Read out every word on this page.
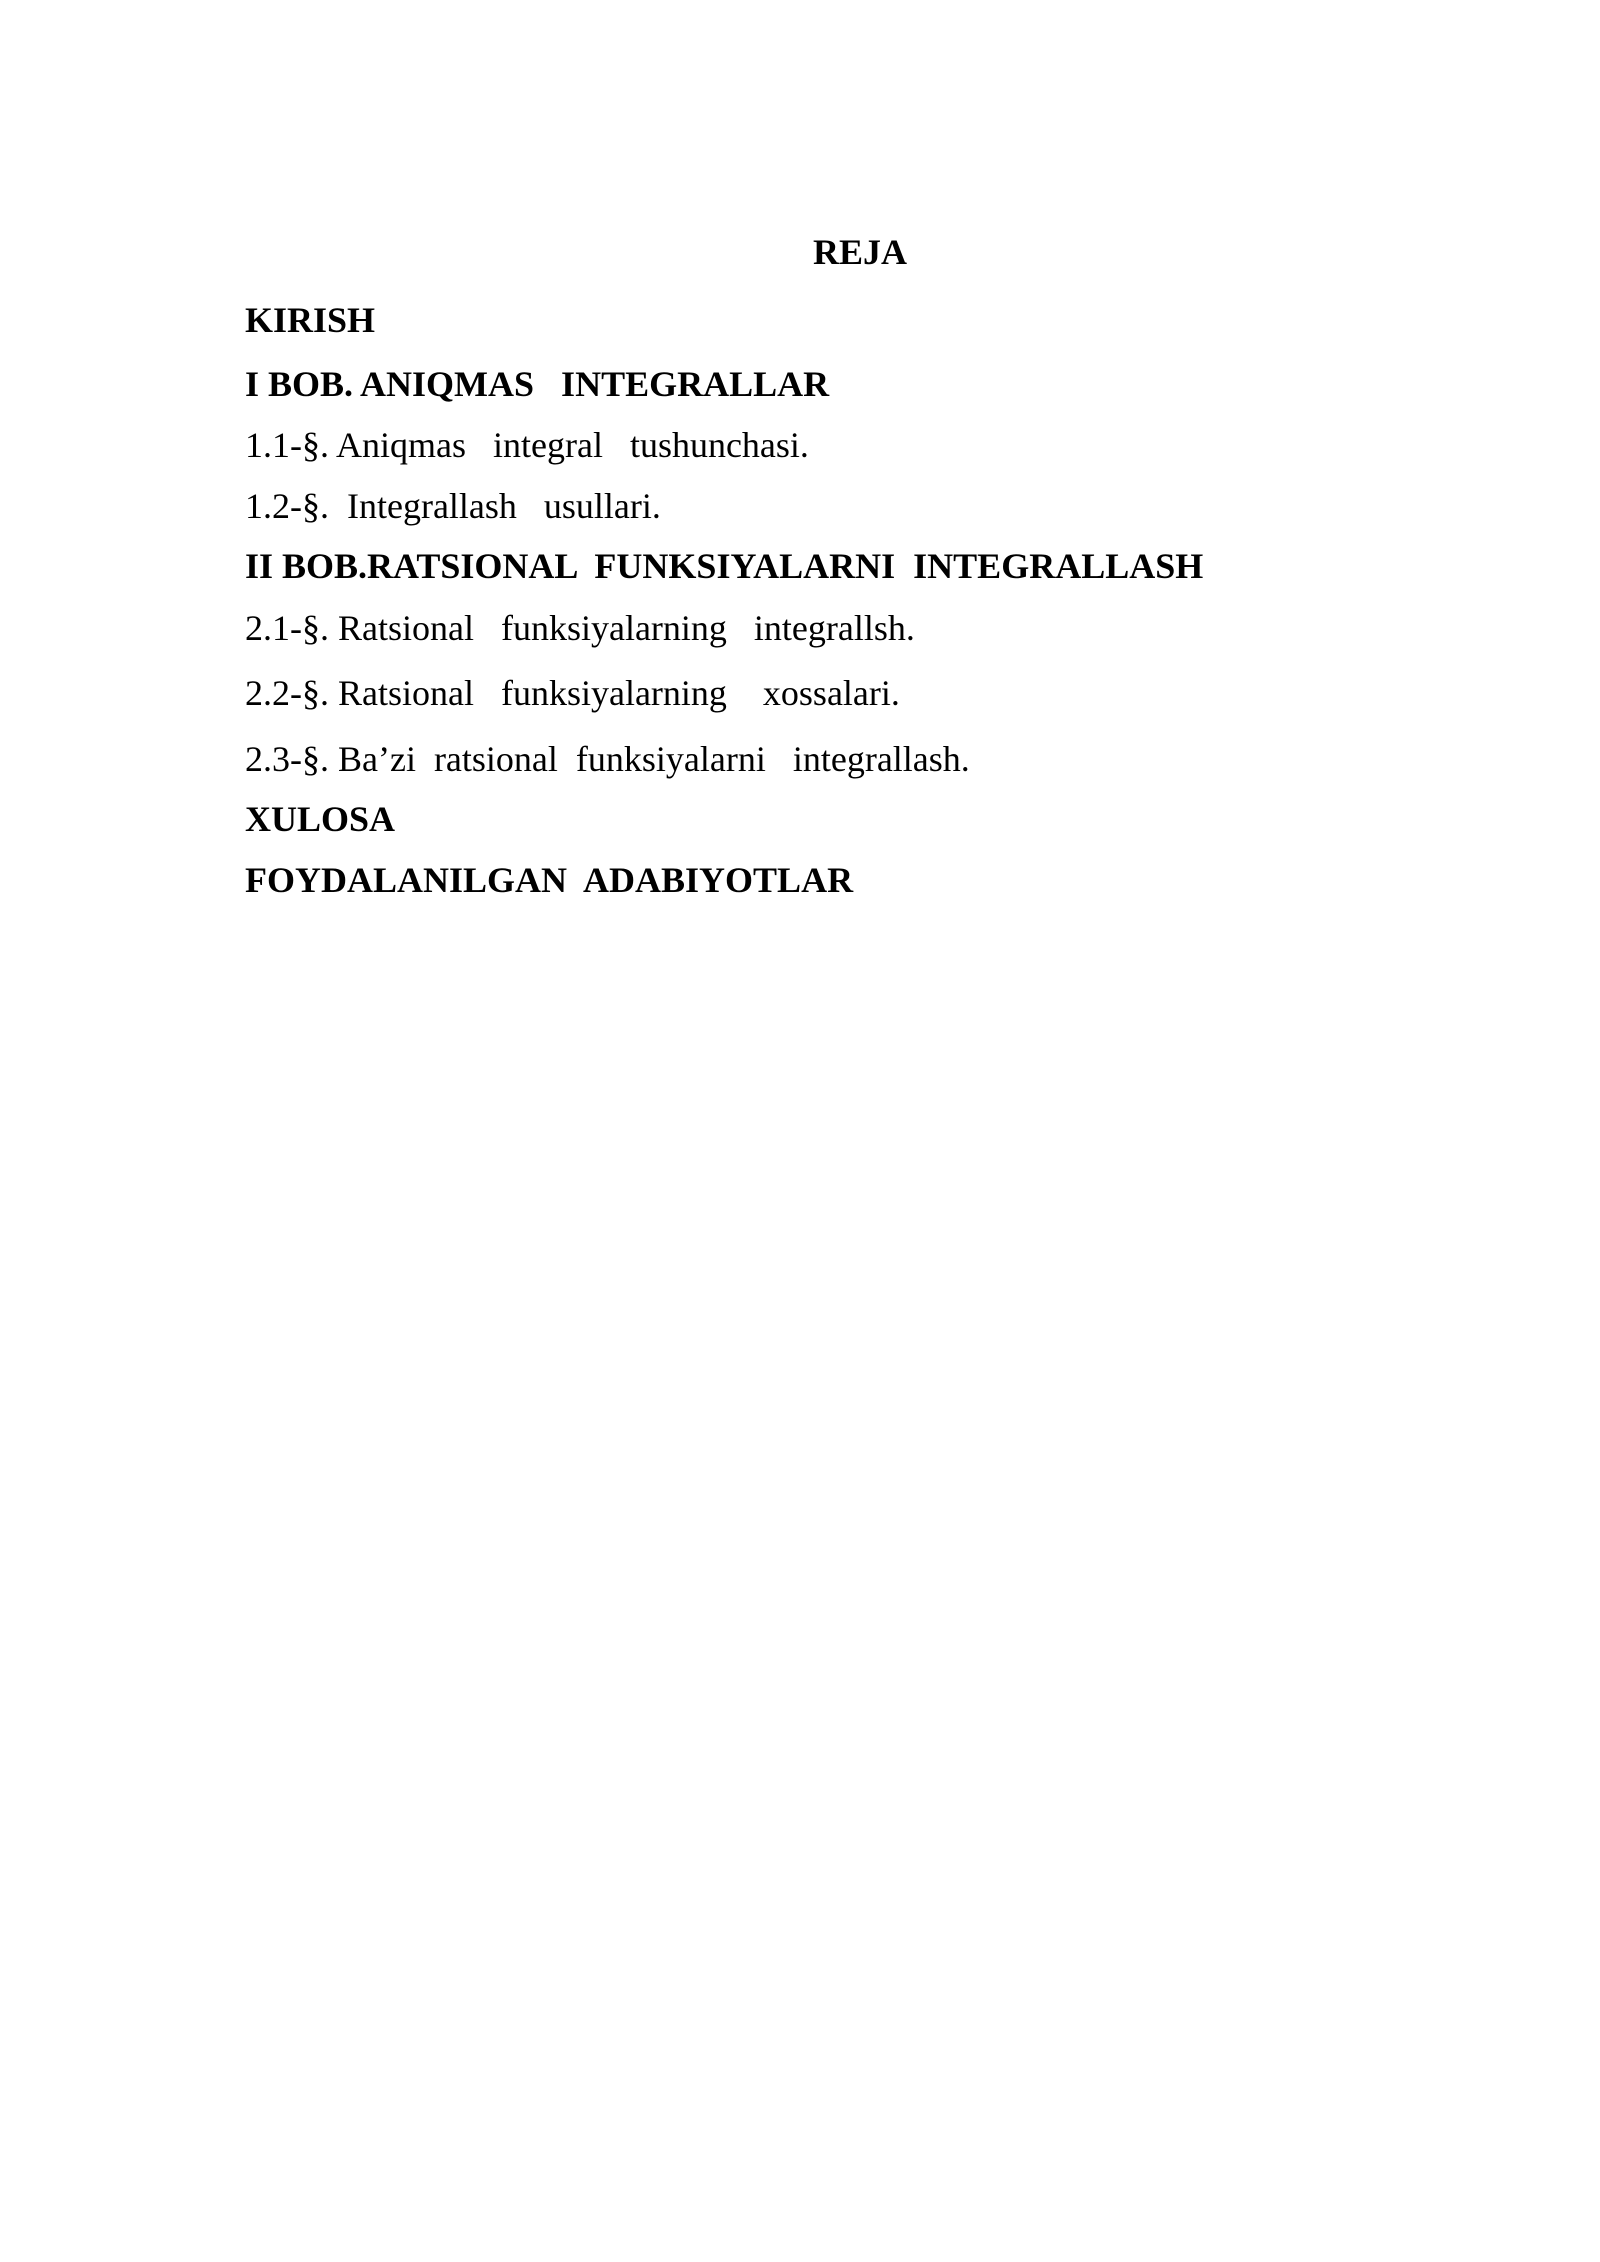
REJA
KIRISH
I BOB. ANIQMAS   INTEGRALLAR
1.1-§. Aniqmas   integral   tushunchasi.
1.2-§.  Integrallash   usullari.
II BOB.RATSIONAL  FUNKSIYALARNI  INTEGRALLASH
2.1-§. Ratsional   funksiyalarning   integrallsh.
2.2-§. Ratsional   funksiyalarning    xossalari.
2.3-§. Ba’zi  ratsional  funksiyalarni   integrallash.
XULOSA
FOYDALANILGAN  ADABIYOTLAR
